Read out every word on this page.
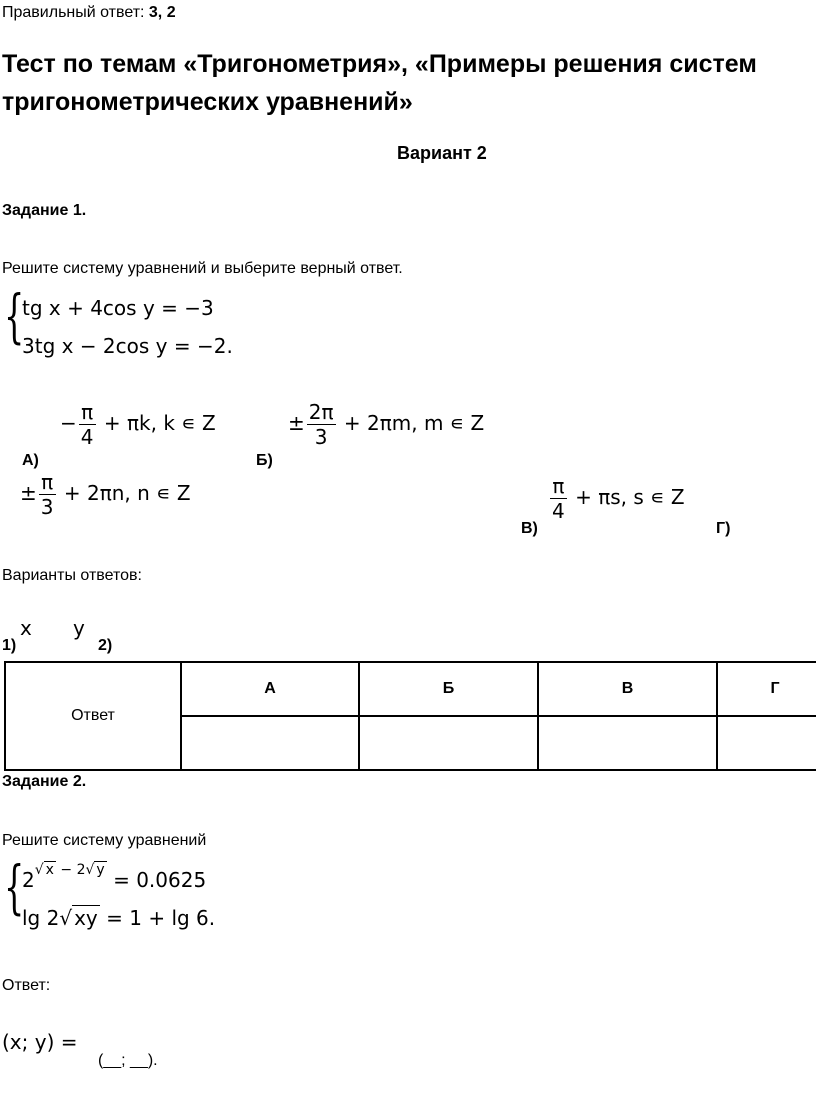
Правильный ответ: 3, 2
Тест по темам «Тригонометрия», «Примеры решения систем
тригонометрических уравнений»
Вариант 2
Задание 1.
Решите систему уравнений и выберите верный ответ.
{
tg x + 4cos y = −3
3tg x − 2cos y = −2.
− $\frac{\pi}{4} + \pi k$, k ∊ Z
А)
± $\frac{2\pi}{3} + 2\pi m$, m ∊ Z
Б)
± $\frac{\pi}{3} + 2\pi n$, n ∊ Z
В)
$\frac{\pi}{4} + \pi s$, s ∊ Z
Г)
Варианты ответов:
x y
1)	2)
Ответ	А	Б	В	Г

Задание 2.
Решите систему уравнений
{
$2^{√ x - 2√ y} = 0.0625$
lg 2√ xy = 1 + lg 6.
Ответ:
(x; y) =
(__; __).
